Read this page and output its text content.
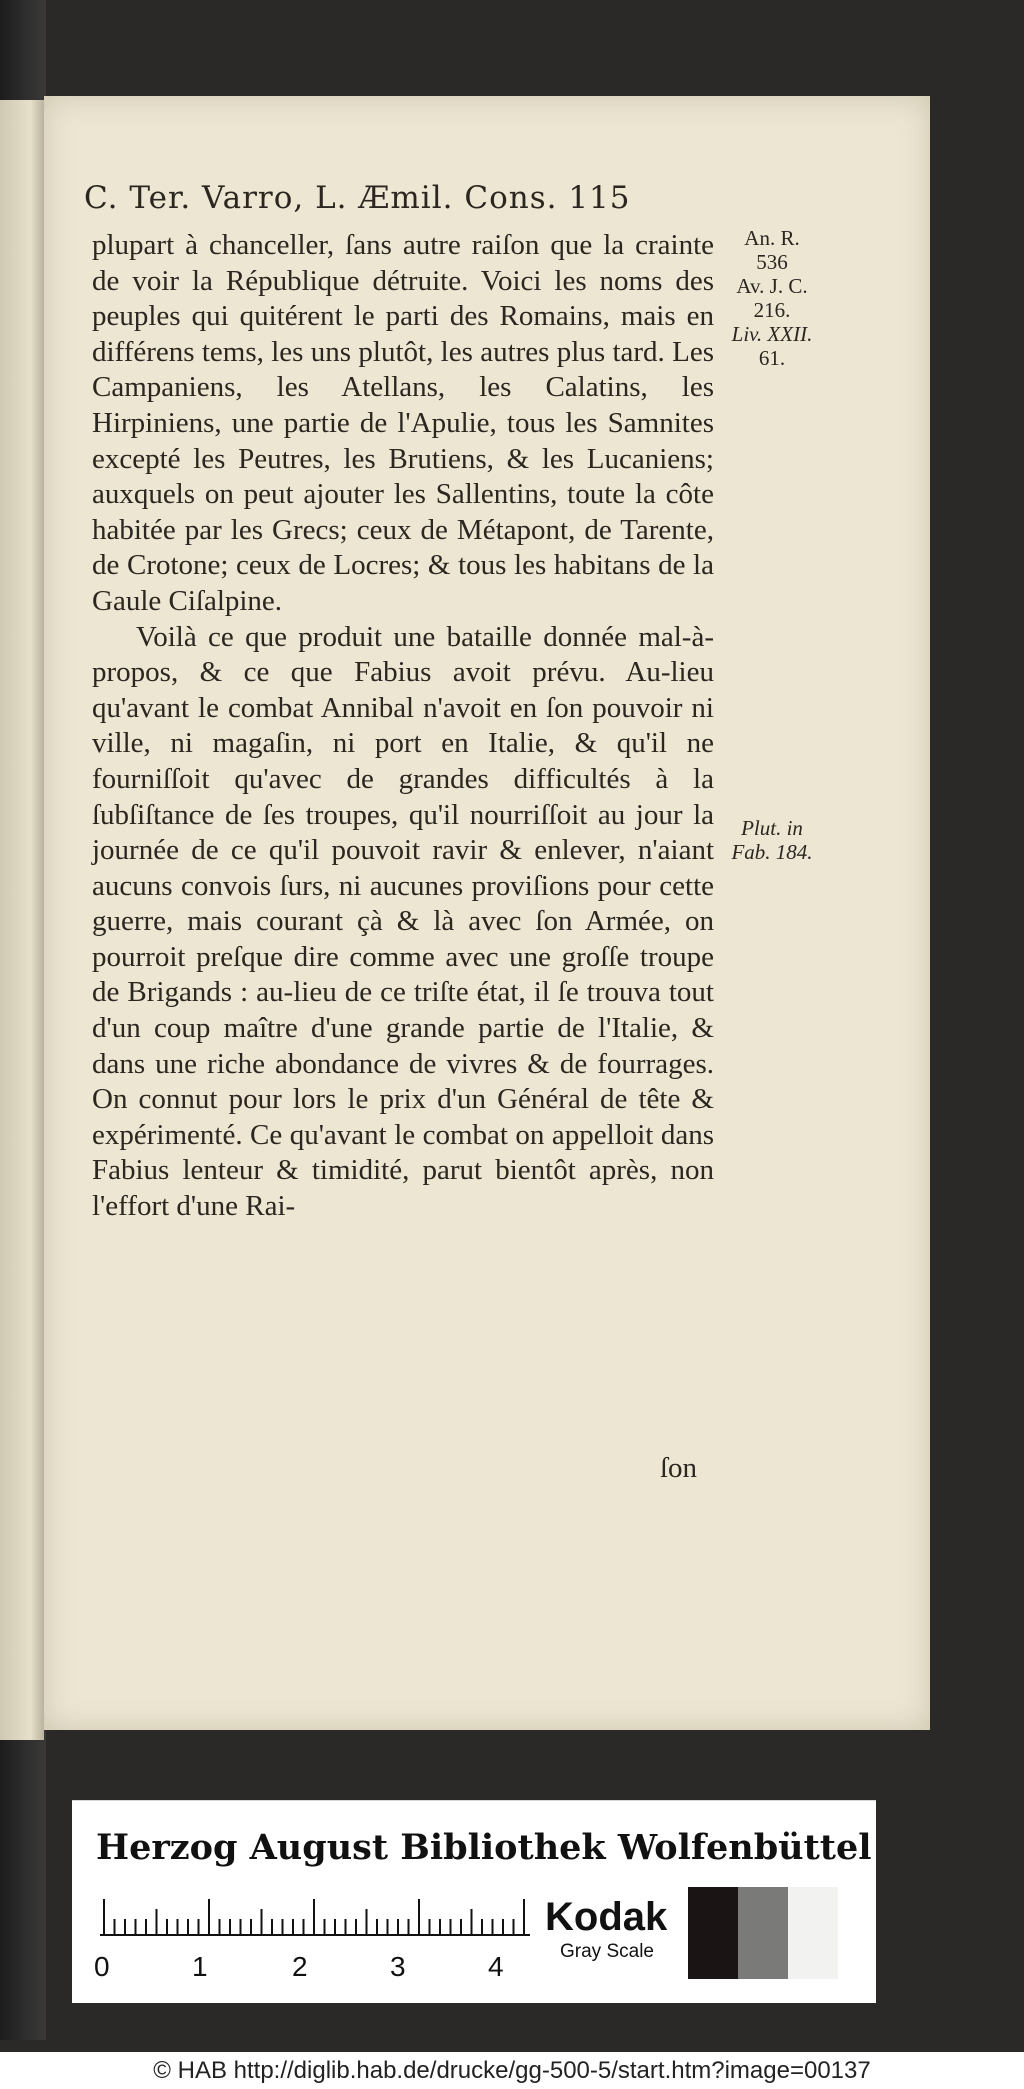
C. Ter. Varro, L. Æmil. Cons. 115

plupart à chanceller, ſans autre raiſon que la crainte de voir la République détruite. Voici les noms des peuples qui quitérent le parti des Romains, mais en différens tems, les uns plutôt, les autres plus tard. Les Campaniens, les Atellans, les Calatins, les Hirpiniens, une partie de l'Apulie, tous les Samnites excepté les Peutres, les Brutiens, & les Lucaniens; auxquels on peut ajouter les Sallentins, toute la côte habitée par les Grecs; ceux de Métapont, de Tarente, de Crotone; ceux de Locres; & tous les habitans de la Gaule Ciſalpine.

Voilà ce que produit une bataille donnée mal-à-propos, & ce que Fabius avoit prévu. Au-lieu qu'avant le combat Annibal n'avoit en ſon pouvoir ni ville, ni magaſin, ni port en Italie, & qu'il ne fourniſſoit qu'avec de grandes difficultés à la ſubſiſtance de ſes troupes, qu'il nourriſſoit au jour la journée de ce qu'il pouvoit ravir & enlever, n'aiant aucuns convois ſurs, ni aucunes proviſions pour cette guerre, mais courant çà & là avec ſon Armée, on pourroit preſque dire comme avec une groſſe troupe de Brigands : au-lieu de ce triſte état, il ſe trouva tout d'un coup maître d'une grande partie de l'Italie, & dans une riche abondance de vivres & de fourrages. On connut pour lors le prix d'un Général de tête & expérimenté. Ce qu'avant le combat on appelloit dans Fabius lenteur & timidité, parut bientôt après, non l'effort d'une Rai-

An. R.
536
Av. J. C.
216.
Liv. XXII.
61.
Plut. in
Fab. 184.
ſon
Herzog August Bibliothek Wolfenbüttel
0	1	2	3	4
Kodak
Gray Scale
© HAB http://diglib.hab.de/drucke/gg-500-5/start.htm?image=00137
